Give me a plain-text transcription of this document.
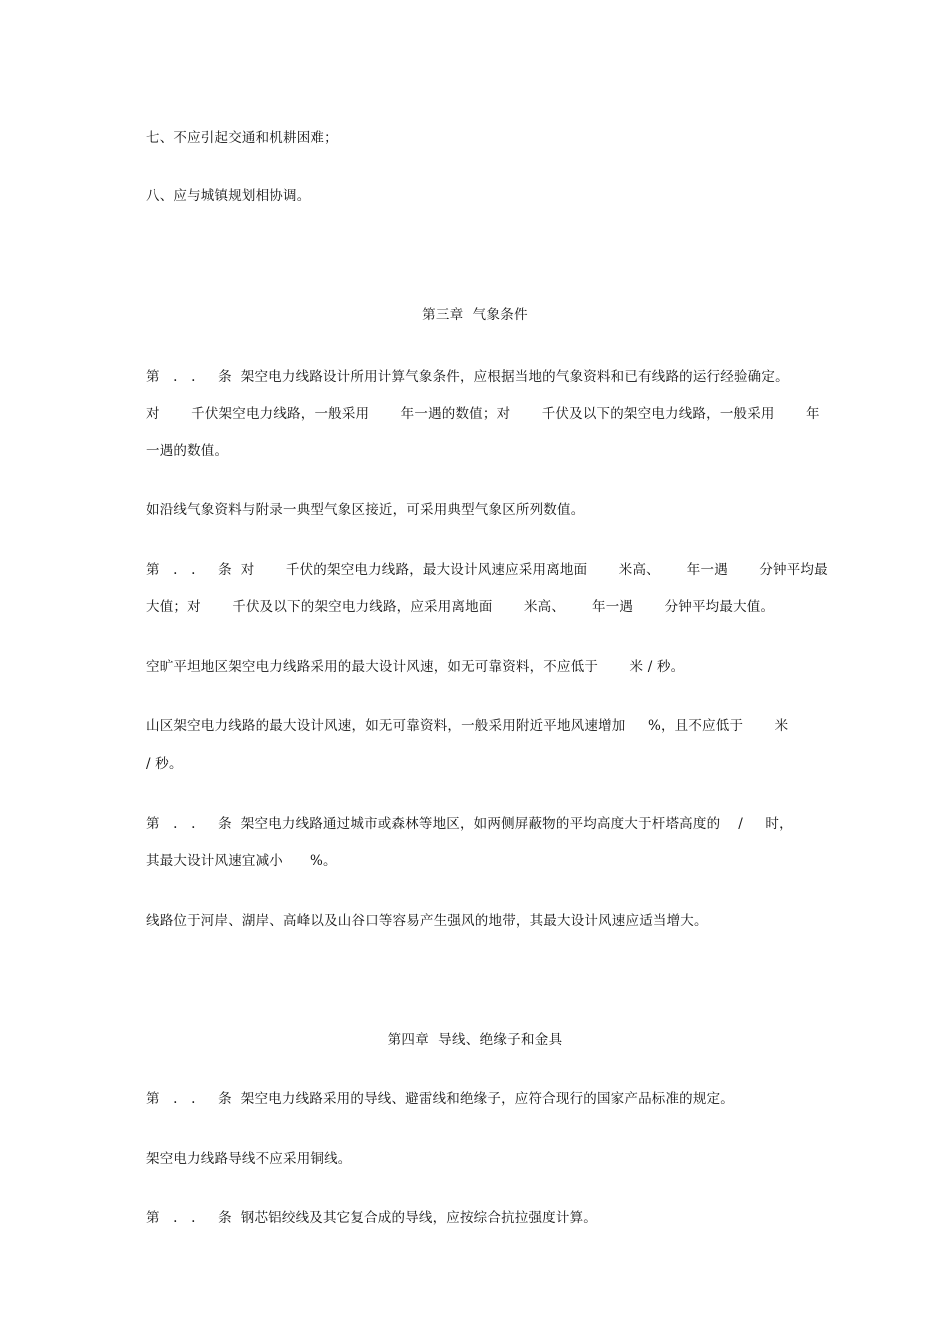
七、不应引起交通和机耕困难；
八、应与城镇规划相协调。
第三章  气象条件
第   .   .     条  架空电力线路设计所用计算气象条件，应根据当地的气象资料和已有线路的运行经验确定。
对       千伏架空电力线路，一般采用       年一遇的数值；对       千伏及以下的架空电力线路，一般采用       年
一遇的数值。
如沿线气象资料与附录一典型气象区接近，可采用典型气象区所列数值。
第   .   .     条  对       千伏的架空电力线路，最大设计风速应采用离地面       米高、      年一遇       分钟平均最
大值；对       千伏及以下的架空电力线路，应采用离地面       米高、      年一遇       分钟平均最大值。
空旷平坦地区架空电力线路采用的最大设计风速，如无可靠资料，不应低于       米 / 秒。
山区架空电力线路的最大设计风速，如无可靠资料，一般采用附近平地风速增加     %，且不应低于       米
/ 秒。
第   .   .     条  架空电力线路通过城市或森林等地区，如两侧屏蔽物的平均高度大于杆塔高度的    /     时，
其最大设计风速宜减小      %。
线路位于河岸、湖岸、高峰以及山谷口等容易产生强风的地带，其最大设计风速应适当增大。
第四章  导线、绝缘子和金具
第   .   .     条  架空电力线路采用的导线、避雷线和绝缘子，应符合现行的国家产品标准的规定。
架空电力线路导线不应采用铜线。
第   .   .     条  钢芯铝绞线及其它复合成的导线，应按综合抗拉强度计算。
